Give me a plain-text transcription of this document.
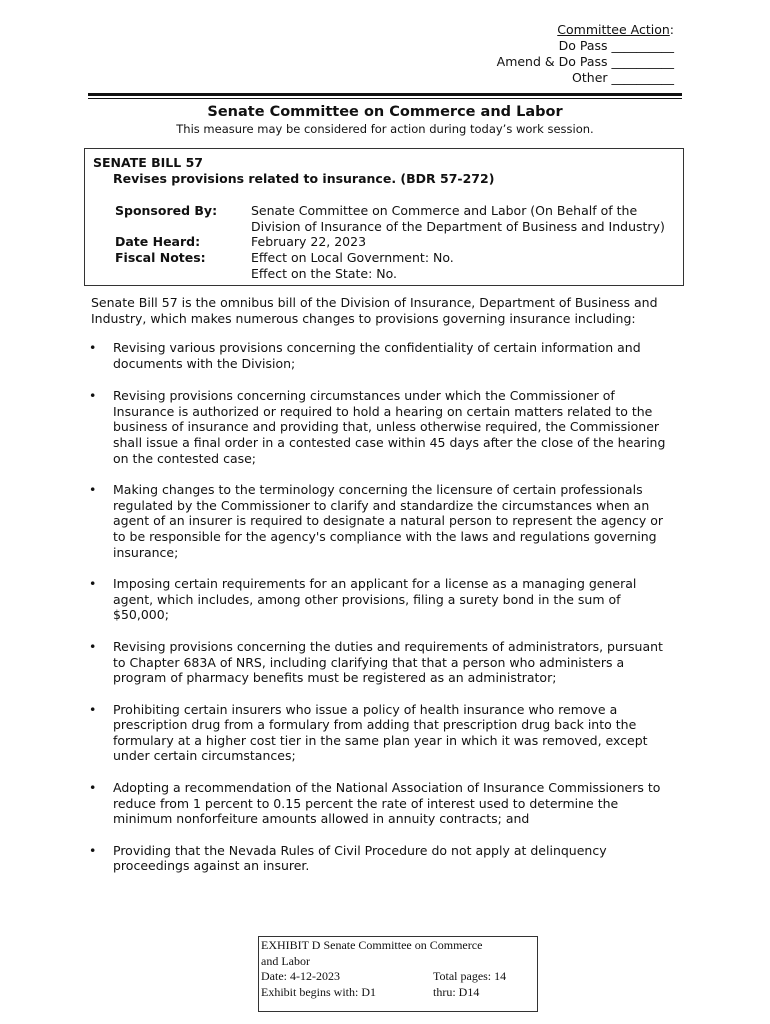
Committee Action:
Do Pass __________
Amend & Do Pass __________
Other __________
Senate Committee on Commerce and Labor
This measure may be considered for action during today’s work session.
SENATE BILL 57
Revises provisions related to insurance. (BDR 57-272)
Sponsored By:	Senate Committee on Commerce and Labor (On Behalf of the
Division of Insurance of the Department of Business and Industry)
Date Heard:	February 22, 2023
Fiscal Notes:	Effect on Local Government: No.
Effect on the State: No.
Senate Bill 57 is the omnibus bill of the Division of Insurance, Department of Business and Industry, which makes numerous changes to provisions governing insurance including:
• Revising various provisions concerning the confidentiality of certain information and documents with the Division;
• Revising provisions concerning circumstances under which the Commissioner of Insurance is authorized or required to hold a hearing on certain matters related to the business of insurance and providing that, unless otherwise required, the Commissioner shall issue a final order in a contested case within 45 days after the close of the hearing on the contested case;
• Making changes to the terminology concerning the licensure of certain professionals regulated by the Commissioner to clarify and standardize the circumstances when an agent of an insurer is required to designate a natural person to represent the agency or to be responsible for the agency's compliance with the laws and regulations governing insurance;
• Imposing certain requirements for an applicant for a license as a managing general agent, which includes, among other provisions, filing a surety bond in the sum of $50,000;
• Revising provisions concerning the duties and requirements of administrators, pursuant to Chapter 683A of NRS, including clarifying that that a person who administers a program of pharmacy benefits must be registered as an administrator;
• Prohibiting certain insurers who issue a policy of health insurance who remove a prescription drug from a formulary from adding that prescription drug back into the formulary at a higher cost tier in the same plan year in which it was removed, except under certain circumstances;
• Adopting a recommendation of the National Association of Insurance Commissioners to reduce from 1 percent to 0.15 percent the rate of interest used to determine the minimum nonforfeiture amounts allowed in annuity contracts; and
• Providing that the Nevada Rules of Civil Procedure do not apply at delinquency proceedings against an insurer.
EXHIBIT D Senate Committee on Commerce
and Labor
Date: 4-12-2023	Total pages: 14
Exhibit begins with: D1	thru: D14
